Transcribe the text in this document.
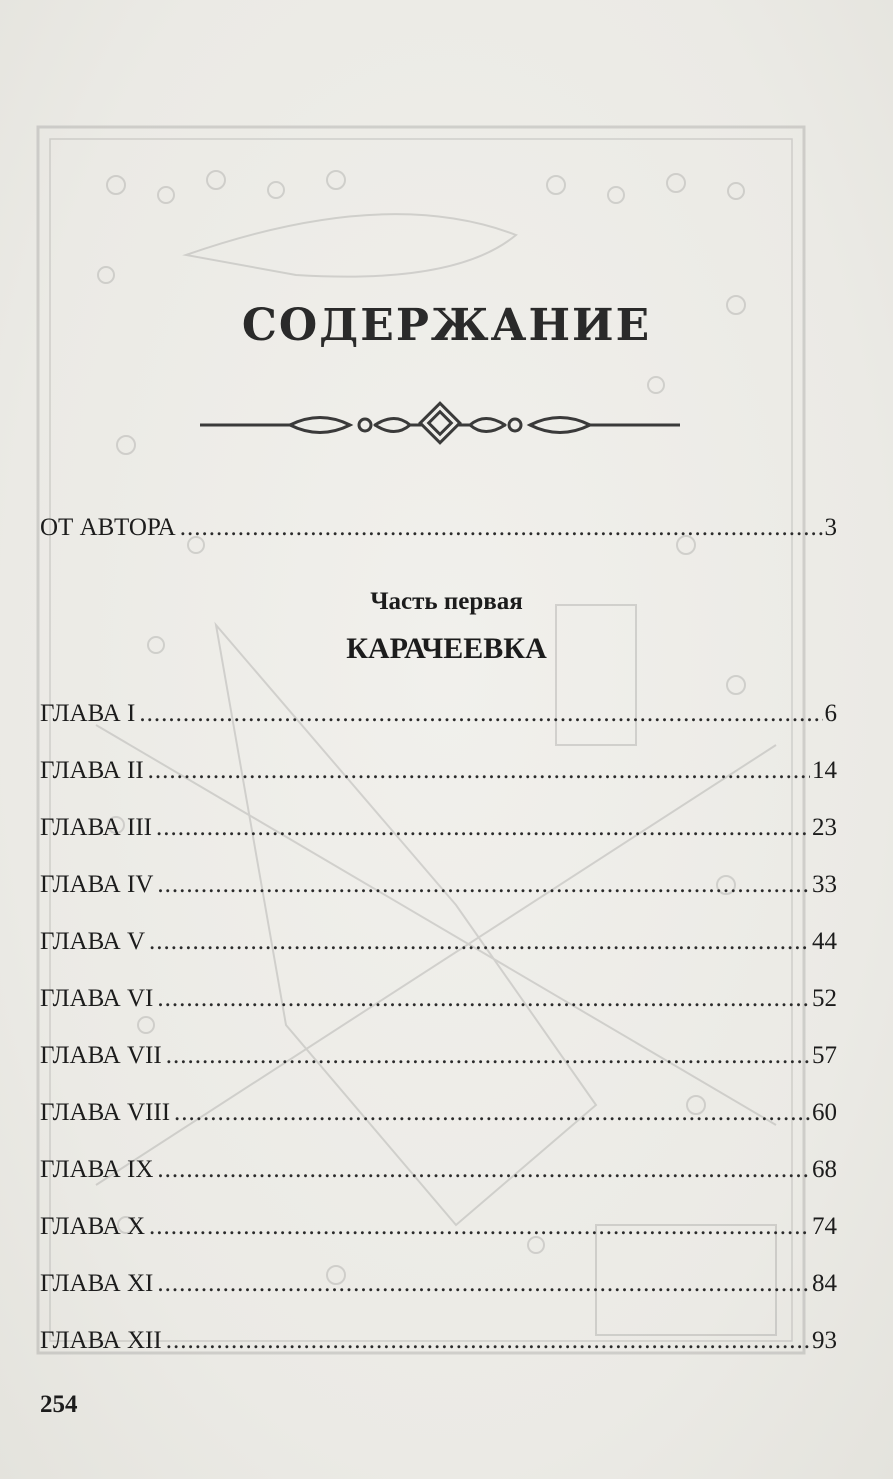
СОДЕРЖАНИЕ
ОТ АВТОРА .....	3
Часть первая
КАРАЧЕЕВКА
ГЛАВА I .....	6
ГЛАВА II .....	14
ГЛАВА III .....	23
ГЛАВА IV .....	33
ГЛАВА V .....	44
ГЛАВА VI .....	52
ГЛАВА VII .....	57
ГЛАВА VIII .....	60
ГЛАВА IX .....	68
ГЛАВА X .....	74
ГЛАВА XI .....	84
ГЛАВА XII .....	93
254
